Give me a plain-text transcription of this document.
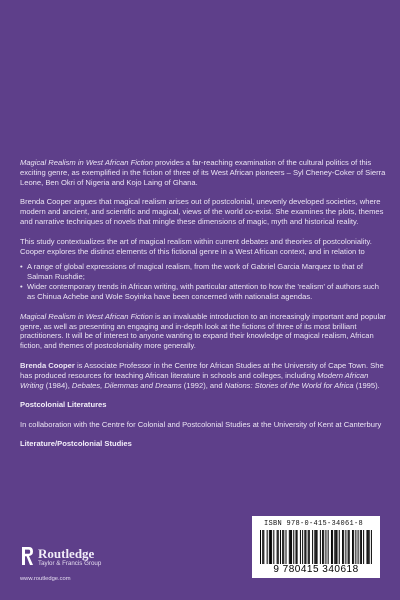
Magical Realism in West African Fiction provides a far-reaching examination of the cultural politics of this exciting genre, as exemplified in the fiction of three of its West African pioneers – Syl Cheney-Coker of Sierra Leone, Ben Okri of Nigeria and Kojo Laing of Ghana.

Brenda Cooper argues that magical realism arises out of postcolonial, unevenly developed societies, where modern and ancient, and scientific and magical, views of the world co-exist. She examines the plots, themes and narrative techniques of novels that mingle these dimensions of magic, myth and historical reality.

This study contextualizes the art of magical realism within current debates and theories of postcoloniality. Cooper explores the distinct elements of this fictional genre in a West African context, and in relation to

• A range of global expressions of magical realism, from the work of Gabriel Garcia Marquez to that of Salman Rushdie;
• Wider contemporary trends in African writing, with particular attention to how the 'realism' of authors such as Chinua Achebe and Wole Soyinka have been concerned with nationalist agendas.

Magical Realism in West African Fiction is an invaluable introduction to an increasingly important and popular genre, as well as presenting an engaging and in-depth look at the fictions of three of its most brilliant practitioners. It will be of interest to anyone wanting to expand their knowledge of magical realism, African fiction, and themes of postcoloniality more generally.

Brenda Cooper is Associate Professor in the Centre for African Studies at the University of Cape Town. She has produced resources for teaching African literature in schools and colleges, including Modern African Writing (1984), Debates, Dilemmas and Dreams (1992), and Nations: Stories of the World for Africa (1995).

Postcolonial Literatures

In collaboration with the Centre for Colonial and Postcolonial Studies at the University of Kent at Canterbury

Literature/Postcolonial Studies

Routledge
Taylor & Francis Group
www.routledge.com
ISBN 978-0-415-34061-8
9 780415 340618
